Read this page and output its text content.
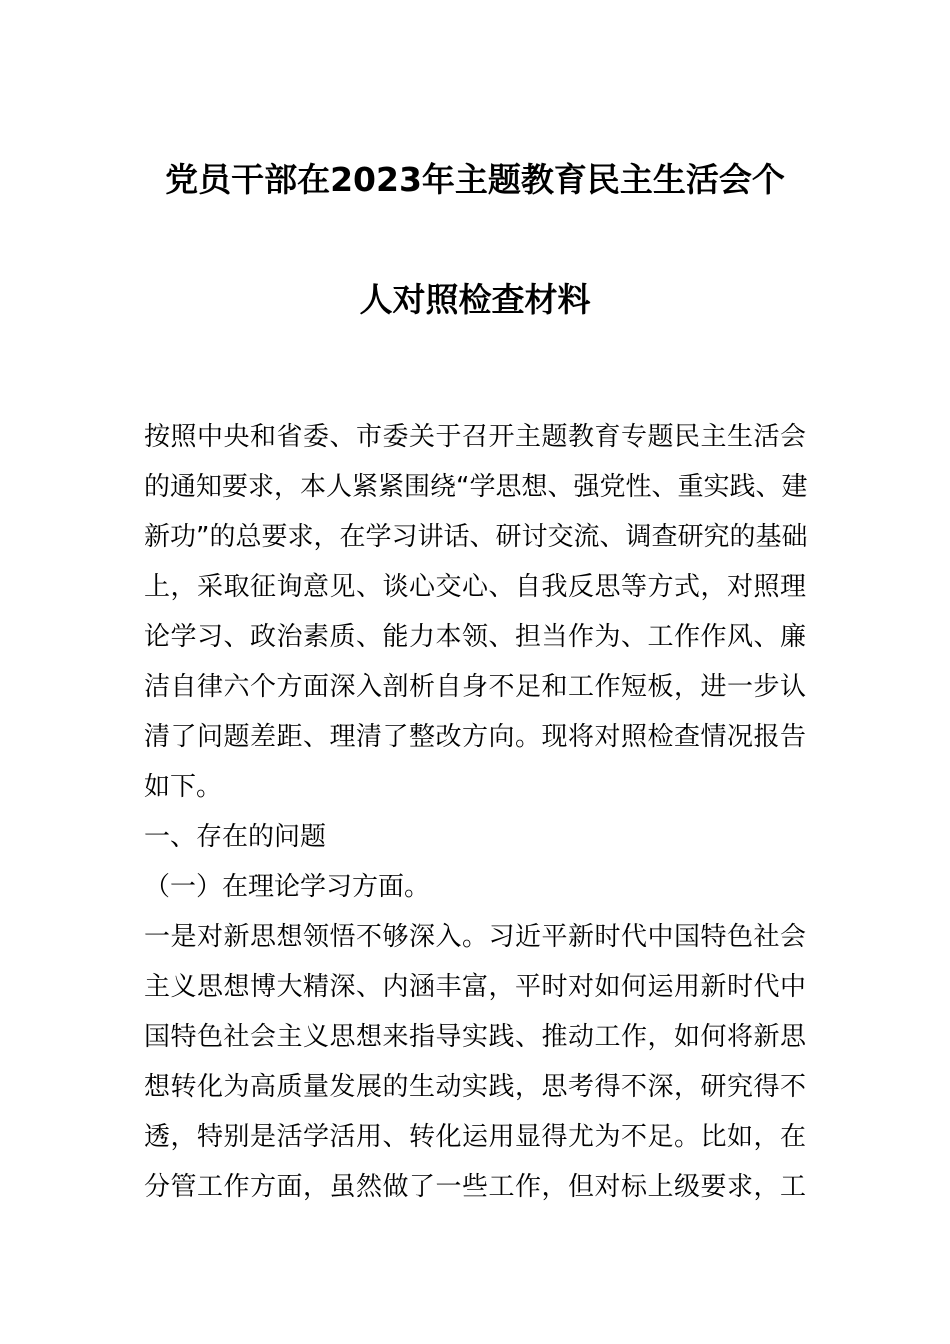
党员干部在2023年主题教育民主生活会个
人对照检查材料
按照中央和省委、市委关于召开主题教育专题民主生活会
的通知要求，本人紧紧围绕“学思想、强党性、重实践、建
新功”的总要求，在学习讲话、研讨交流、调查研究的基础
上，采取征询意见、谈心交心、自我反思等方式，对照理
论学习、政治素质、能力本领、担当作为、工作作风、廉
洁自律六个方面深入剖析自身不足和工作短板，进一步认
清了问题差距、理清了整改方向。现将对照检查情况报告
如下。
一、存在的问题
（一）在理论学习方面。
一是对新思想领悟不够深入。习近平新时代中国特色社会
主义思想博大精深、内涵丰富，平时对如何运用新时代中
国特色社会主义思想来指导实践、推动工作，如何将新思
想转化为高质量发展的生动实践，思考得不深，研究得不
透，特别是活学活用、转化运用显得尤为不足。比如，在
分管工作方面，虽然做了一些工作，但对标上级要求，工
